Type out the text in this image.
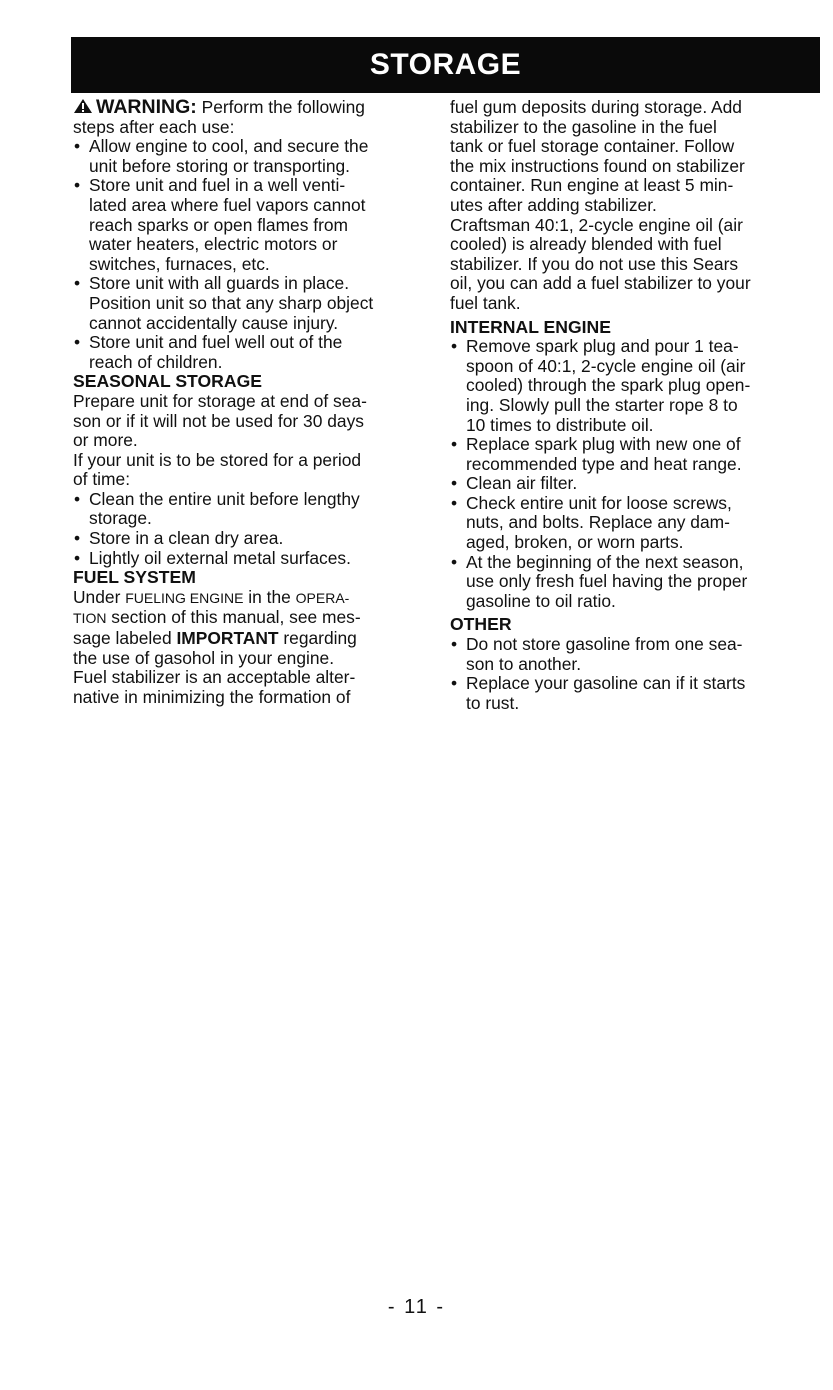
STORAGE

WARNING: Perform the following

steps after each use:

• Allow engine to cool, and secure the
unit before storing or transporting.

• Store unit and fuel in a well venti-
lated area where fuel vapors cannot
reach sparks or open flames from
water heaters, electric motors or
switches, furnaces, etc.

• Store unit with all guards in place.
Position unit so that any sharp object
cannot accidentally cause injury.

• Store unit and fuel well out of the
reach of children.

SEASONAL STORAGE

Prepare unit for storage at end of sea-

son or if it will not be used for 30 days

or more.

If your unit is to be stored for a period

of time:

• Clean the entire unit before lengthy
storage.

• Store in a clean dry area.

• Lightly oil external metal surfaces.

FUEL SYSTEM

Under FUELING ENGINE in the OPERA-

TION section of this manual, see mes-

sage labeled IMPORTANT regarding

the use of gasohol in your engine.

Fuel stabilizer is an acceptable alter-

native in minimizing the formation of

fuel gum deposits during storage. Add

stabilizer to the gasoline in the fuel

tank or fuel storage container. Follow

the mix instructions found on stabilizer

container. Run engine at least 5 min-

utes after adding stabilizer.

Craftsman 40:1, 2-cycle engine oil (air

cooled) is already blended with fuel

stabilizer. If you do not use this Sears

oil, you can add a fuel stabilizer to your

fuel tank.

INTERNAL ENGINE

• Remove spark plug and pour 1 tea-
spoon of 40:1, 2-cycle engine oil (air
cooled) through the spark plug open-
ing. Slowly pull the starter rope 8 to
10 times to distribute oil.

• Replace spark plug with new one of
recommended type and heat range.

• Clean air filter.

• Check entire unit for loose screws,
nuts, and bolts. Replace any dam-
aged, broken, or worn parts.

• At the beginning of the next season,
use only fresh fuel having the proper
gasoline to oil ratio.

OTHER

• Do not store gasoline from one sea-
son to another.

• Replace your gasoline can if it starts
to rust.

- 11 -
